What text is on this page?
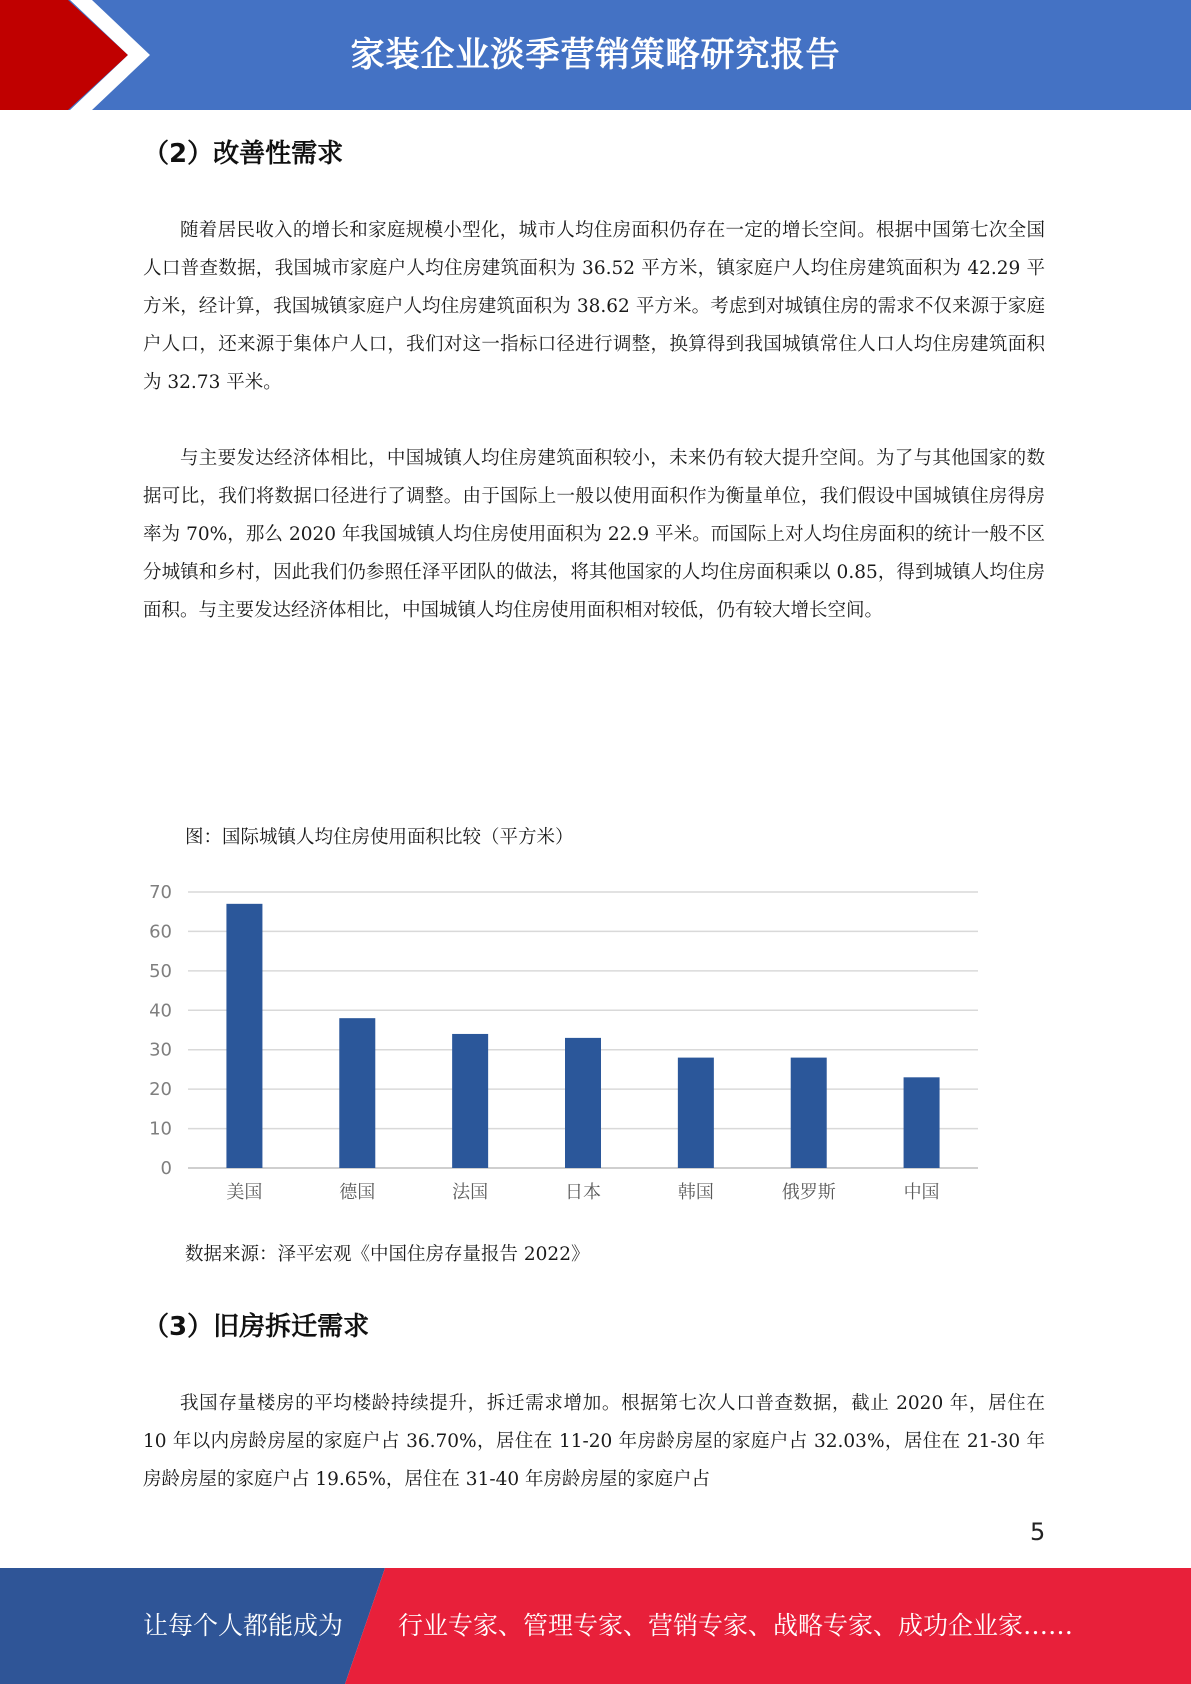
家装企业淡季营销策略研究报告
（2）改善性需求

随着居民收入的增长和家庭规模小型化，城市人均住房面积仍存在一定的增长空间。根据中国第七次全国人口普查数据，我国城市家庭户人均住房建筑面积为 36.52 平方米，镇家庭户人均住房建筑面积为 42.29 平方米，经计算，我国城镇家庭户人均住房建筑面积为 38.62 平方米。考虑到对城镇住房的需求不仅来源于家庭户人口，还来源于集体户人口，我们对这一指标口径进行调整，换算得到我国城镇常住人口人均住房建筑面积为 32.73 平米。

与主要发达经济体相比，中国城镇人均住房建筑面积较小，未来仍有较大提升空间。为了与其他国家的数据可比，我们将数据口径进行了调整。由于国际上一般以使用面积作为衡量单位，我们假设中国城镇住房得房率为 70%，那么 2020 年我国城镇人均住房使用面积为 22.9 平米。而国际上对人均住房面积的统计一般不区分城镇和乡村，因此我们仍参照任泽平团队的做法，将其他国家的人均住房面积乘以 0.85，得到城镇人均住房面积。与主要发达经济体相比，中国城镇人均住房使用面积相对较低，仍有较大增长空间。

图：国际城镇人均住房使用面积比较（平方米）
0
10
20
30
40
50
60
70
美国	德国	法国	日本	韩国	俄罗斯	中国
数据来源：泽平宏观《中国住房存量报告 2022》
（3）旧房拆迁需求

我国存量楼房的平均楼龄持续提升，拆迁需求增加。根据第七次人口普查数据，截止 2020 年，居住在 10 年以内房龄房屋的家庭户占 36.70%，居住在 11-20 年房龄房屋的家庭户占 32.03%，居住在 21-30 年房龄房屋的家庭户占 19.65%，居住在 31-40 年房龄房屋的家庭户占

5
让每个人都能成为 行业专家、管理专家、营销专家、战略专家、成功企业家……
